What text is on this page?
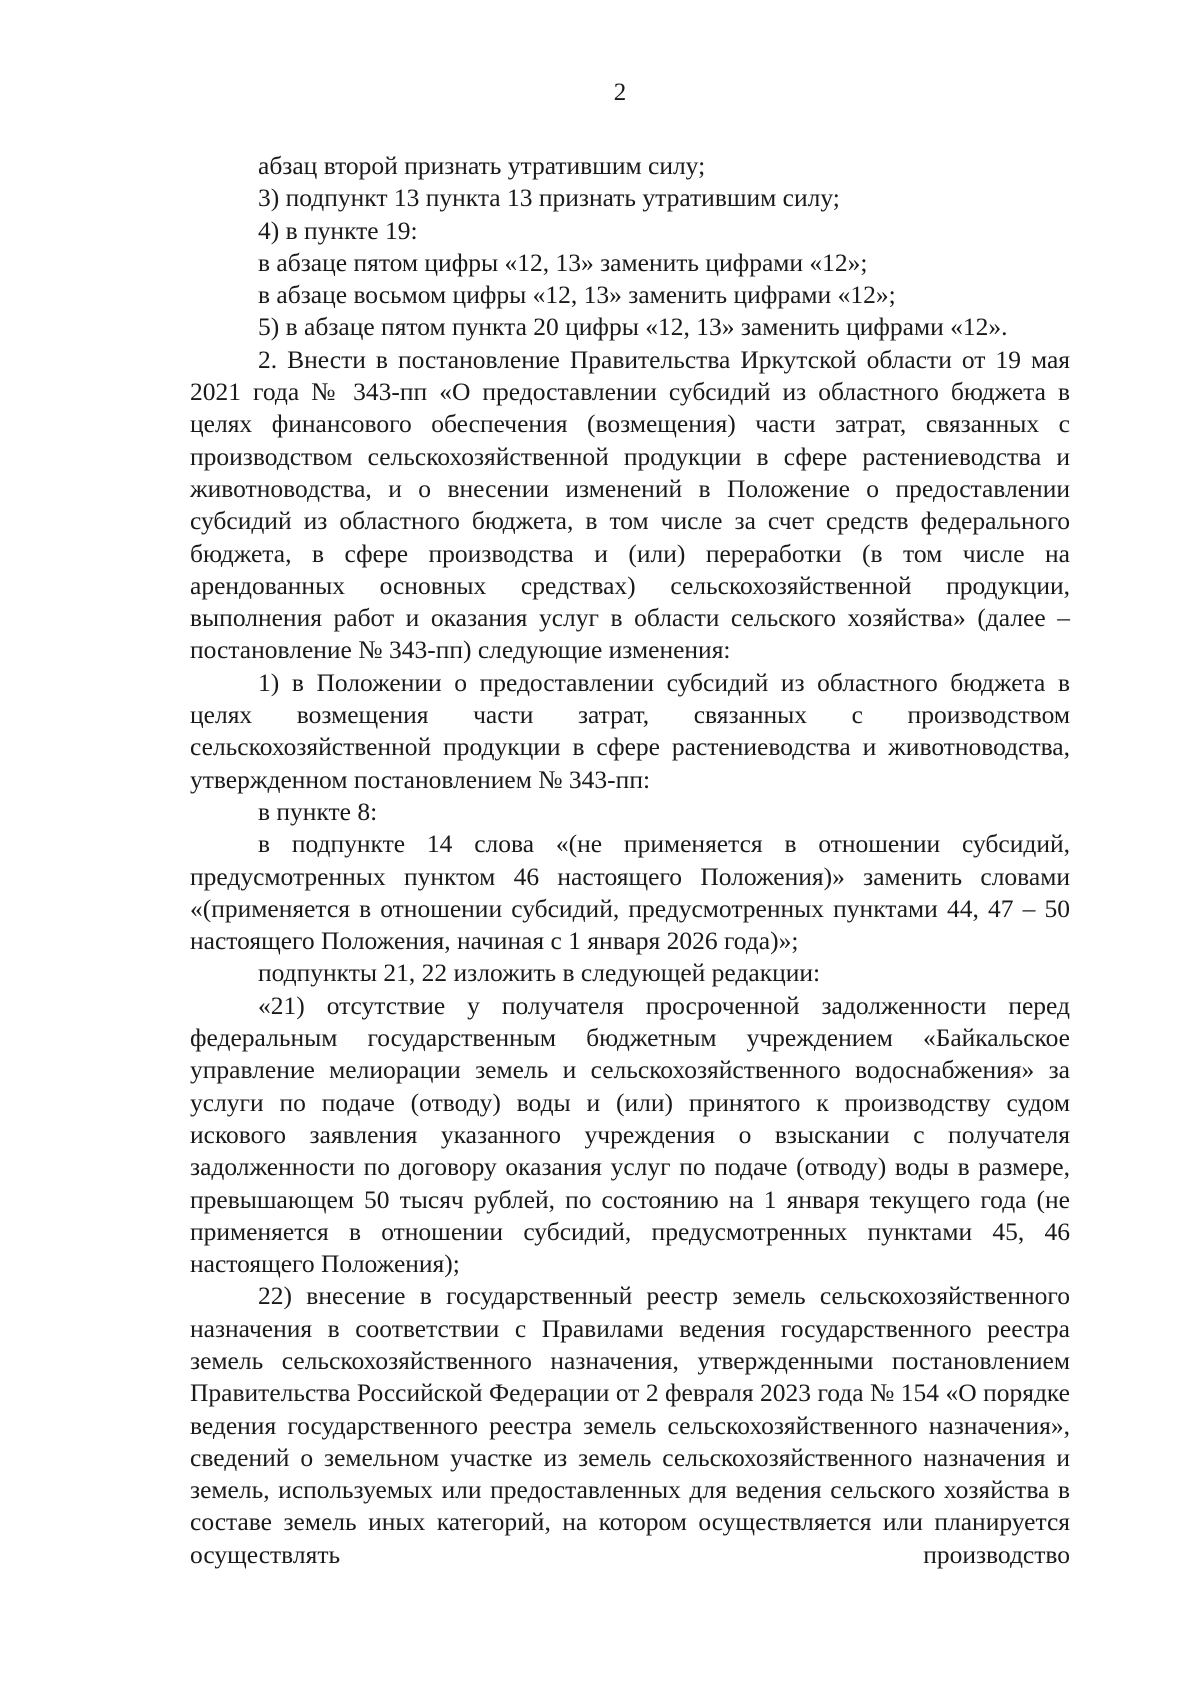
2

абзац второй признать утратившим силу;

3) подпункт 13 пункта 13 признать утратившим силу;

4) в пункте 19:

в абзаце пятом цифры «12, 13» заменить цифрами «12»;

в абзаце восьмом цифры «12, 13» заменить цифрами «12»;

5) в абзаце пятом пункта 20 цифры «12, 13» заменить цифрами «12».

2. Внести в постановление Правительства Иркутской области от 19 мая 2021 года № 343-пп «О предоставлении субсидий из областного бюджета в целях финансового обеспечения (возмещения) части затрат, связанных с производством сельскохозяйственной продукции в сфере растениеводства и животноводства, и о внесении изменений в Положение о предоставлении субсидий из областного бюджета, в том числе за счет средств федерального бюджета, в сфере производства и (или) переработки (в том числе на арендованных основных средствах) сельскохозяйственной продукции, выполнения работ и оказания услуг в области сельского хозяйства» (далее – постановление № 343-пп) следующие изменения:

1) в Положении о предоставлении субсидий из областного бюджета в целях возмещения части затрат, связанных с производством сельскохозяйственной продукции в сфере растениеводства и животноводства, утвержденном постановлением № 343-пп:

в пункте 8:

в подпункте 14 слова «(не применяется в отношении субсидий, предусмотренных пунктом 46 настоящего Положения)» заменить словами «(применяется в отношении субсидий, предусмотренных пунктами 44, 47 – 50 настоящего Положения, начиная с 1 января 2026 года)»;

подпункты 21, 22 изложить в следующей редакции:

«21) отсутствие у получателя просроченной задолженности перед федеральным государственным бюджетным учреждением «Байкальское управление мелиорации земель и сельскохозяйственного водоснабжения» за услуги по подаче (отводу) воды и (или) принятого к производству судом искового заявления указанного учреждения о взыскании с получателя задолженности по договору оказания услуг по подаче (отводу) воды в размере, превышающем 50 тысяч рублей, по состоянию на 1 января текущего года (не применяется в отношении субсидий, предусмотренных пунктами 45, 46 настоящего Положения);

22) внесение в государственный реестр земель сельскохозяйственного назначения в соответствии с Правилами ведения государственного реестра земель сельскохозяйственного назначения, утвержденными постановлением Правительства Российской Федерации от 2 февраля 2023 года № 154 «О порядке ведения государственного реестра земель сельскохозяйственного назначения», сведений о земельном участке из земель сельскохозяйственного назначения и земель, используемых или предоставленных для ведения сельского хозяйства в составе земель иных категорий, на котором осуществляется или планируется осуществлять производство
